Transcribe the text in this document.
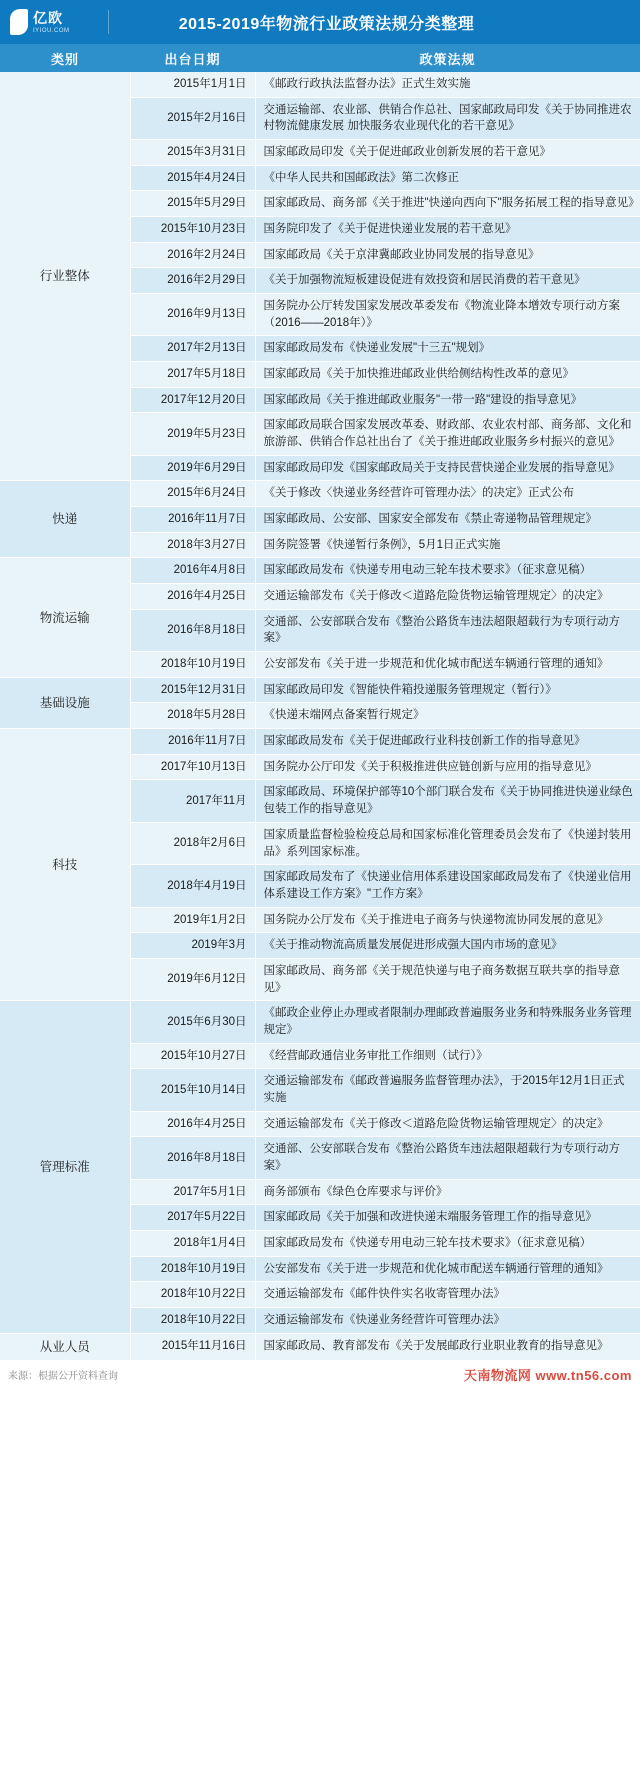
亿欧
IYIOU.COM	2015-2019年物流行业政策法规分类整理
类别	出台日期	政策法规
行业整体	2015年1月1日	《邮政行政执法监督办法》正式生效实施
	2015年2月16日	交通运输部、农业部、供销合作总社、国家邮政局印发《关于协同推进农村物流健康发展 加快服务农业现代化的若干意见》
	2015年3月31日	国家邮政局印发《关于促进邮政业创新发展的若干意见》
	2015年4月24日	《中华人民共和国邮政法》第二次修正
	2015年5月29日	国家邮政局、商务部《关于推进"快递向西向下"服务拓展工程的指导意见》
	2015年10月23日	国务院印发了《关于促进快递业发展的若干意见》
	2016年2月24日	国家邮政局《关于京津冀邮政业协同发展的指导意见》
	2016年2月29日	《关于加强物流短板建设促进有效投资和居民消费的若干意见》
	2016年9月13日	国务院办公厅转发国家发展改革委发布《物流业降本增效专项行动方案（2016——2018年）》
	2017年2月13日	国家邮政局发布《快递业发展"十三五"规划》
	2017年5月18日	国家邮政局《关于加快推进邮政业供给侧结构性改革的意见》
	2017年12月20日	国家邮政局《关于推进邮政业服务"一带一路"建设的指导意见》
	2019年5月23日	国家邮政局联合国家发展改革委、财政部、农业农村部、商务部、文化和旅游部、供销合作总社出台了《关于推进邮政业服务乡村振兴的意见》
	2019年6月29日	国家邮政局印发《国家邮政局关于支持民营快递企业发展的指导意见》
快递	2015年6月24日	《关于修改〈快递业务经营许可管理办法〉的决定》正式公布
	2016年11月7日	国家邮政局、公安部、国家安全部发布《禁止寄递物品管理规定》
	2018年3月27日	国务院签署《快递暂行条例》，5月1日正式实施
物流运输	2016年4月8日	国家邮政局发布《快递专用电动三轮车技术要求》（征求意见稿）
	2016年4月25日	交通运输部发布《关于修改＜道路危险货物运输管理规定〉的决定》
	2016年8月18日	交通部、公安部联合发布《整治公路货车违法超限超载行为专项行动方案》
	2018年10月19日	公安部发布《关于进一步规范和优化城市配送车辆通行管理的通知》
基础设施	2015年12月31日	国家邮政局印发《智能快件箱投递服务管理规定（暂行）》
	2018年5月28日	《快递末端网点备案暂行规定》
科技	2016年11月7日	国家邮政局发布《关于促进邮政行业科技创新工作的指导意见》
	2017年10月13日	国务院办公厅印发《关于积极推进供应链创新与应用的指导意见》
	2017年11月	国家邮政局、环境保护部等10个部门联合发布《关于协同推进快递业绿色包装工作的指导意见》
	2018年2月6日	国家质量监督检验检疫总局和国家标准化管理委员会发布了《快递封装用品》系列国家标准。
	2018年4月19日	国家邮政局发布了《快递业信用体系建设国家邮政局发布了《快递业信用体系建设工作方案》"工作方案》
	2019年1月2日	国务院办公厅发布《关于推进电子商务与快递物流协同发展的意见》
	2019年3月	《关于推动物流高质量发展促进形成强大国内市场的意见》
	2019年6月12日	国家邮政局、商务部《关于规范快递与电子商务数据互联共享的指导意见》
管理标准	2015年6月30日	《邮政企业停止办理或者限制办理邮政普遍服务业务和特殊服务业务管理规定》
	2015年10月27日	《经营邮政通信业务审批工作细则（试行）》
	2015年10月14日	交通运输部发布《邮政普遍服务监督管理办法》，于2015年12月1日正式实施
	2016年4月25日	交通运输部发布《关于修改＜道路危险货物运输管理规定〉的决定》
	2016年8月18日	交通部、公安部联合发布《整治公路货车违法超限超载行为专项行动方案》
	2017年5月1日	商务部颁布《绿色仓库要求与评价》
	2017年5月22日	国家邮政局《关于加强和改进快递末端服务管理工作的指导意见》
	2018年1月4日	国家邮政局发布《快递专用电动三轮车技术要求》（征求意见稿）
	2018年10月19日	公安部发布《关于进一步规范和优化城市配送车辆通行管理的通知》
	2018年10月22日	交通运输部发布《邮件快件实名收寄管理办法》
	2018年10月22日	交通运输部发布《快递业务经营许可管理办法》
从业人员	2015年11月16日	国家邮政局、教育部发布《关于发展邮政行业职业教育的指导意见》
来源：根据公开资料查询	天南物流网 www.tn56.com
